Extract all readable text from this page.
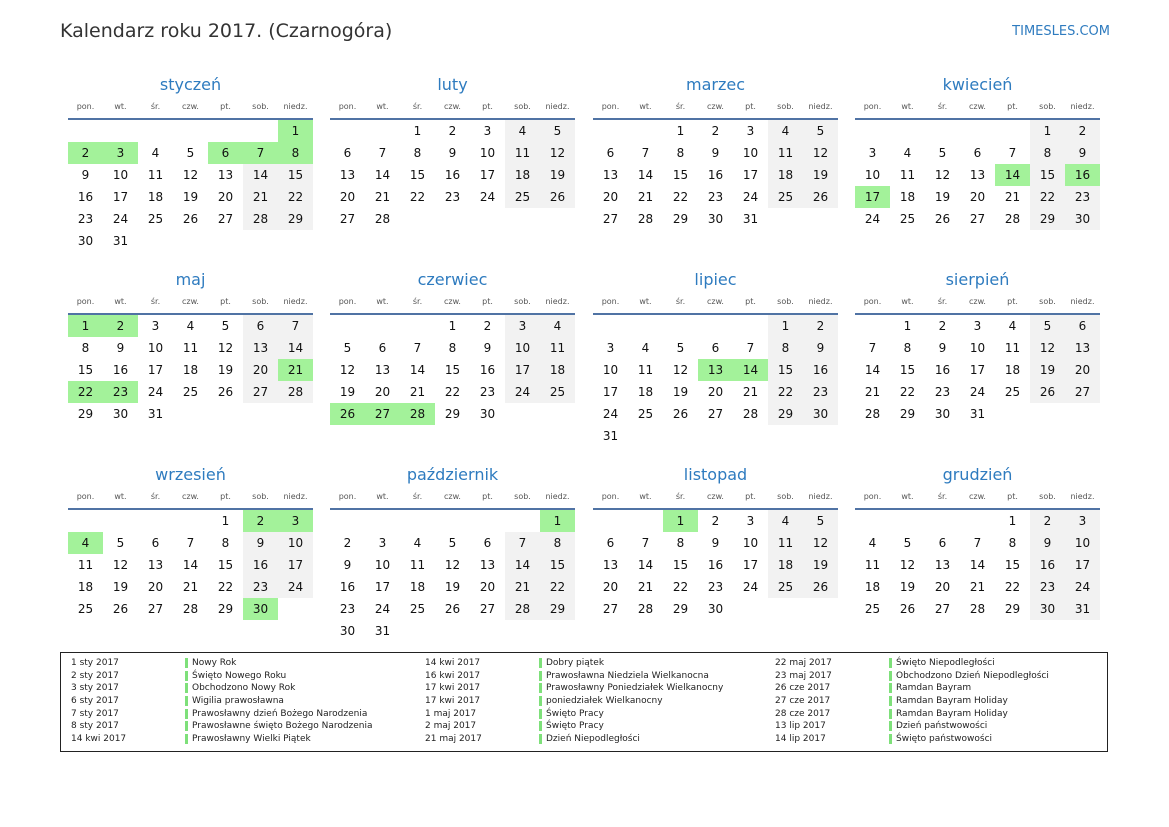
Kalendarz roku 2017. (Czarnogóra)	TIMESLES.COM
styczeń
pon.	wt.	śr.	czw.	pt.	sob.	niedz.
						1
2	3	4	5	6	7	8
9	10	11	12	13	14	15
16	17	18	19	20	21	22
23	24	25	26	27	28	29
30	31					
luty
pon.	wt.	śr.	czw.	pt.	sob.	niedz.
		1	2	3	4	5
6	7	8	9	10	11	12
13	14	15	16	17	18	19
20	21	22	23	24	25	26
27	28					
marzec
pon.	wt.	śr.	czw.	pt.	sob.	niedz.
		1	2	3	4	5
6	7	8	9	10	11	12
13	14	15	16	17	18	19
20	21	22	23	24	25	26
27	28	29	30	31		
kwiecień
pon.	wt.	śr.	czw.	pt.	sob.	niedz.
					1	2
3	4	5	6	7	8	9
10	11	12	13	14	15	16
17	18	19	20	21	22	23
24	25	26	27	28	29	30
maj
pon.	wt.	śr.	czw.	pt.	sob.	niedz.
1	2	3	4	5	6	7
8	9	10	11	12	13	14
15	16	17	18	19	20	21
22	23	24	25	26	27	28
29	30	31				
czerwiec
pon.	wt.	śr.	czw.	pt.	sob.	niedz.
			1	2	3	4
5	6	7	8	9	10	11
12	13	14	15	16	17	18
19	20	21	22	23	24	25
26	27	28	29	30		
lipiec
pon.	wt.	śr.	czw.	pt.	sob.	niedz.
					1	2
3	4	5	6	7	8	9
10	11	12	13	14	15	16
17	18	19	20	21	22	23
24	25	26	27	28	29	30
31						
sierpień
pon.	wt.	śr.	czw.	pt.	sob.	niedz.
	1	2	3	4	5	6
7	8	9	10	11	12	13
14	15	16	17	18	19	20
21	22	23	24	25	26	27
28	29	30	31			
wrzesień
pon.	wt.	śr.	czw.	pt.	sob.	niedz.
				1	2	3
4	5	6	7	8	9	10
11	12	13	14	15	16	17
18	19	20	21	22	23	24
25	26	27	28	29	30	
październik
pon.	wt.	śr.	czw.	pt.	sob.	niedz.
						1
2	3	4	5	6	7	8
9	10	11	12	13	14	15
16	17	18	19	20	21	22
23	24	25	26	27	28	29
30	31					
listopad
pon.	wt.	śr.	czw.	pt.	sob.	niedz.
		1	2	3	4	5
6	7	8	9	10	11	12
13	14	15	16	17	18	19
20	21	22	23	24	25	26
27	28	29	30			
grudzień
pon.	wt.	śr.	czw.	pt.	sob.	niedz.
				1	2	3
4	5	6	7	8	9	10
11	12	13	14	15	16	17
18	19	20	21	22	23	24
25	26	27	28	29	30	31
1 sty 2017	Nowy Rok
2 sty 2017	Święto Nowego Roku
3 sty 2017	Obchodzono Nowy Rok
6 sty 2017	Wigilia prawosławna
7 sty 2017	Prawosławny dzień Bożego Narodzenia
8 sty 2017	Prawosławne święto Bożego Narodzenia
14 kwi 2017	Prawosławny Wielki Piątek
14 kwi 2017	Dobry piątek
16 kwi 2017	Prawosławna Niedziela Wielkanocna
17 kwi 2017	Prawosławny Poniedziałek Wielkanocny
17 kwi 2017	poniedziałek Wielkanocny
1 maj 2017	Święto Pracy
2 maj 2017	Święto Pracy
21 maj 2017	Dzień Niepodległości
22 maj 2017	Święto Niepodległości
23 maj 2017	Obchodzono Dzień Niepodległości
26 cze 2017	Ramdan Bayram
27 cze 2017	Ramdan Bayram Holiday
28 cze 2017	Ramdan Bayram Holiday
13 lip 2017	Dzień państwowości
14 lip 2017	Święto państwowości
